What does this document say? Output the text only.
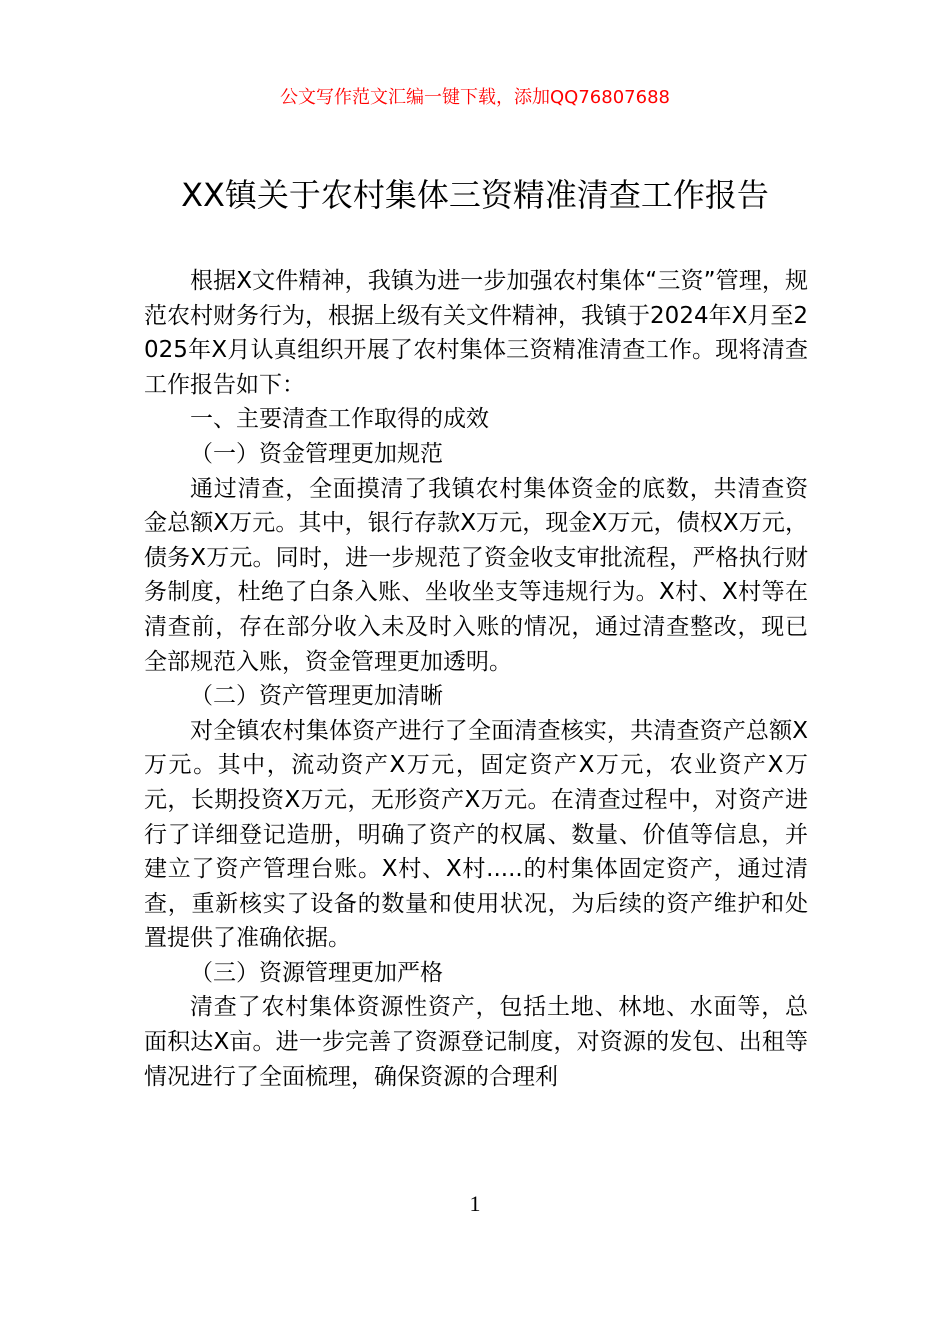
公文写作范文汇编一键下载，添加QQ76807688
XX镇关于农村集体三资精准清查工作报告

根据X文件精神，我镇为进一步加强农村集体“三资”管理，规范农村财务行为，根据上级有关文件精神，我镇于2024年X月至2025年X月认真组织开展了农村集体三资精准清查工作。现将清查工作报告如下：

一、主要清查工作取得的成效

（一）资金管理更加规范

通过清查，全面摸清了我镇农村集体资金的底数，共清查资金总额X万元。其中，银行存款X万元，现金X万元，债权X万元，债务X万元。同时，进一步规范了资金收支审批流程，严格执行财务制度，杜绝了白条入账、坐收坐支等违规行为。X村、X村等在清查前，存在部分收入未及时入账的情况，通过清查整改，现已全部规范入账，资金管理更加透明。

（二）资产管理更加清晰

对全镇农村集体资产进行了全面清查核实，共清查资产总额X万元。其中，流动资产X万元，固定资产X万元，农业资产X万元，长期投资X万元，无形资产X万元。在清查过程中，对资产进行了详细登记造册，明确了资产的权属、数量、价值等信息，并建立了资产管理台账。X村、X村.....的村集体固定资产，通过清查，重新核实了设备的数量和使用状况，为后续的资产维护和处置提供了准确依据。

（三）资源管理更加严格

清查了农村集体资源性资产，包括土地、林地、水面等，总面积达X亩。进一步完善了资源登记制度，对资源的发包、出租等情况进行了全面梳理，确保资源的合理利

1
